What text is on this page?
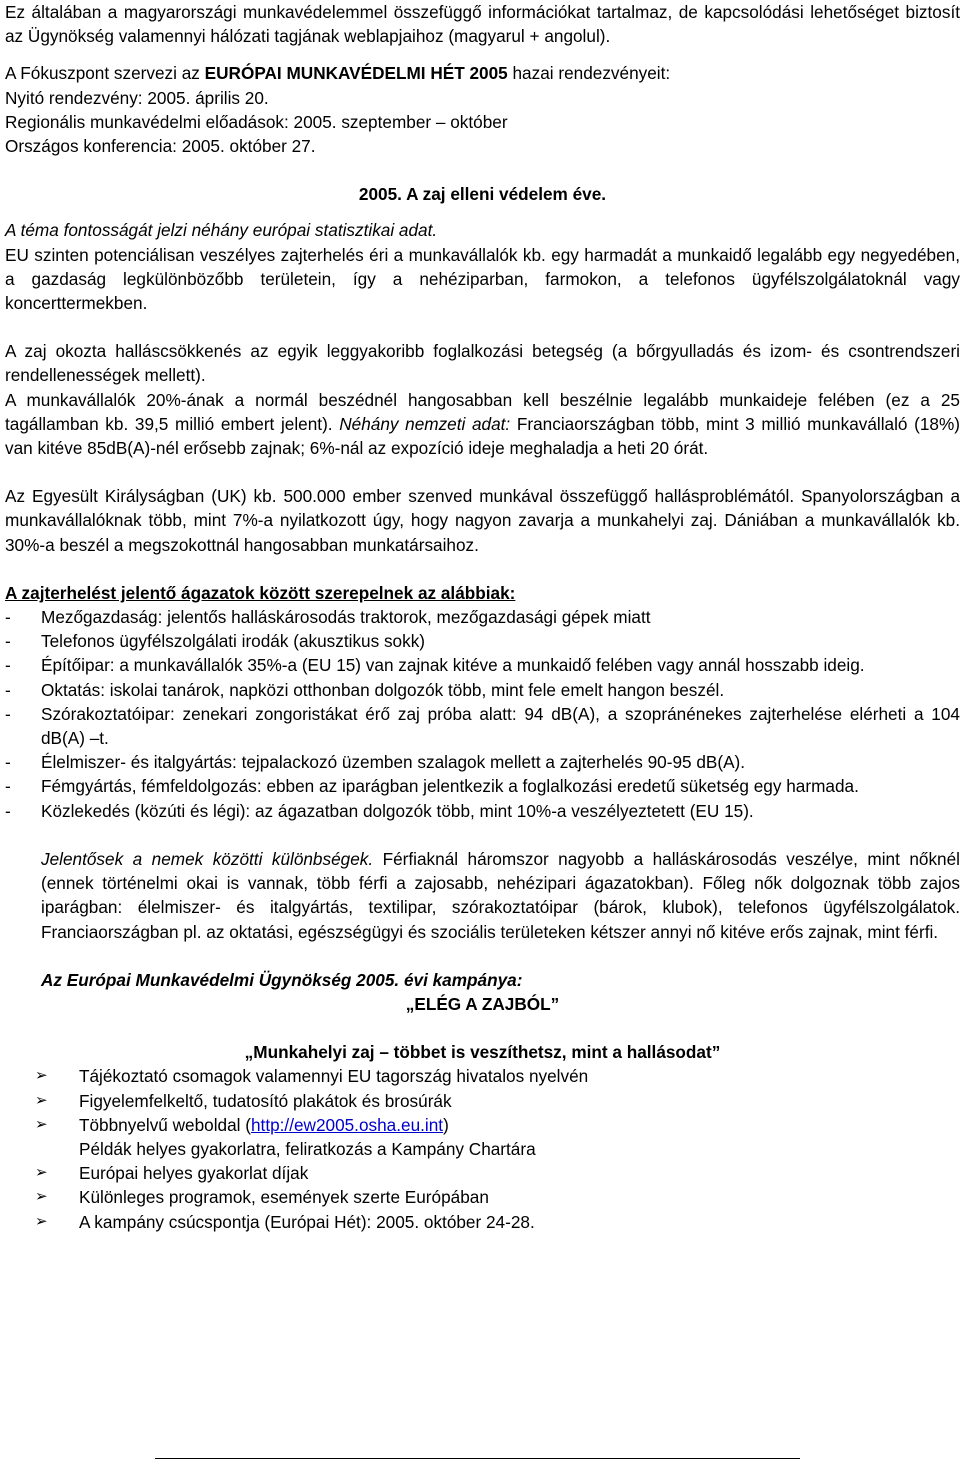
Ez általában a magyarországi munkavédelemmel összefüggő információkat tartalmaz, de kapcsolódási lehetőséget biztosít az Ügynökség valamennyi hálózati tagjának weblapjaihoz (magyarul + angolul).

A Fókuszpont szervezi az EURÓPAI MUNKAVÉDELMI HÉT 2005 hazai rendezvényeit:

Nyitó rendezvény: 2005. április 20.

Regionális munkavédelmi előadások: 2005. szeptember – október

Országos konferencia: 2005. október 27.

2005. A zaj elleni védelem éve.

A téma fontosságát jelzi néhány európai statisztikai adat.

EU szinten potenciálisan veszélyes zajterhelés éri a munkavállalók kb. egy harmadát a munkaidő legalább egy negyedében, a gazdaság legkülönbözőbb területein, így a nehéziparban, farmokon, a telefonos ügyfélszolgálatoknál vagy koncerttermekben.

A zaj okozta halláscsökkenés az egyik leggyakoribb foglalkozási betegség (a bőrgyulladás és izom- és csontrendszeri rendellenességek mellett).

A munkavállalók 20%-ának a normál beszédnél hangosabban kell beszélnie legalább munkaideje felében (ez a 25 tagállamban kb. 39,5 millió embert jelent). Néhány nemzeti adat: Franciaországban több, mint 3 millió munkavállaló (18%) van kitéve 85dB(A)-nél erősebb zajnak; 6%-nál az expozíció ideje meghaladja a heti 20 órát.

Az Egyesült Királyságban (UK) kb. 500.000 ember szenved munkával összefüggő hallásproblémától. Spanyolországban a munkavállalóknak több, mint 7%-a nyilatkozott úgy, hogy nagyon zavarja a munkahelyi zaj. Dániában a munkavállalók kb. 30%-a beszél a megszokottnál hangosabban munkatársaihoz.

A zajterhelést jelentő ágazatok között szerepelnek az alábbiak:

- Mezőgazdaság: jelentős halláskárosodás traktorok, mezőgazdasági gépek miatt
- Telefonos ügyfélszolgálati irodák (akusztikus sokk)
- Építőipar: a munkavállalók 35%-a (EU 15) van zajnak kitéve a munkaidő felében vagy annál hosszabb ideig.
- Oktatás: iskolai tanárok, napközi otthonban dolgozók több, mint fele emelt hangon beszél.
- Szórakoztatóipar: zenekari zongoristákat érő zaj próba alatt: 94 dB(A), a szopránénekes zajterhelése elérheti a 104 dB(A) –t.
- Élelmiszer- és italgyártás: tejpalackozó üzemben szalagok mellett a zajterhelés 90-95 dB(A).
- Fémgyártás, fémfeldolgozás: ebben az iparágban jelentkezik a foglalkozási eredetű süketség egy harmada.
- Közlekedés (közúti és légi): az ágazatban dolgozók több, mint 10%-a veszélyeztetett (EU 15).

Jelentősek a nemek közötti különbségek. Férfiaknál háromszor nagyobb a halláskárosodás veszélye, mint nőknél (ennek történelmi okai is vannak, több férfi a zajosabb, nehézipari ágazatokban). Főleg nők dolgoznak több zajos iparágban: élelmiszer- és italgyártás, textilipar, szórakoztatóipar (bárok, klubok), telefonos ügyfélszolgálatok. Franciaországban pl. az oktatási, egészségügyi és szociális területeken kétszer annyi nő kitéve erős zajnak, mint férfi.

Az Európai Munkavédelmi Ügynökség 2005. évi kampánya:

„ELÉG A ZAJBÓL”

„Munkahelyi zaj – többet is veszíthetsz, mint a hallásodat”

➢ Tájékoztató csomagok valamennyi EU tagország hivatalos nyelvén
➢ Figyelemfelkeltő, tudatosító plakátok és brosúrák
➢ Többnyelvű weboldal (http://ew2005.osha.eu.int)
Példák helyes gyakorlatra, feliratkozás a Kampány Chartára
➢ Európai helyes gyakorlat díjak
➢ Különleges programok, események szerte Európában
➢ A kampány csúcspontja (Európai Hét): 2005. október 24-28.
